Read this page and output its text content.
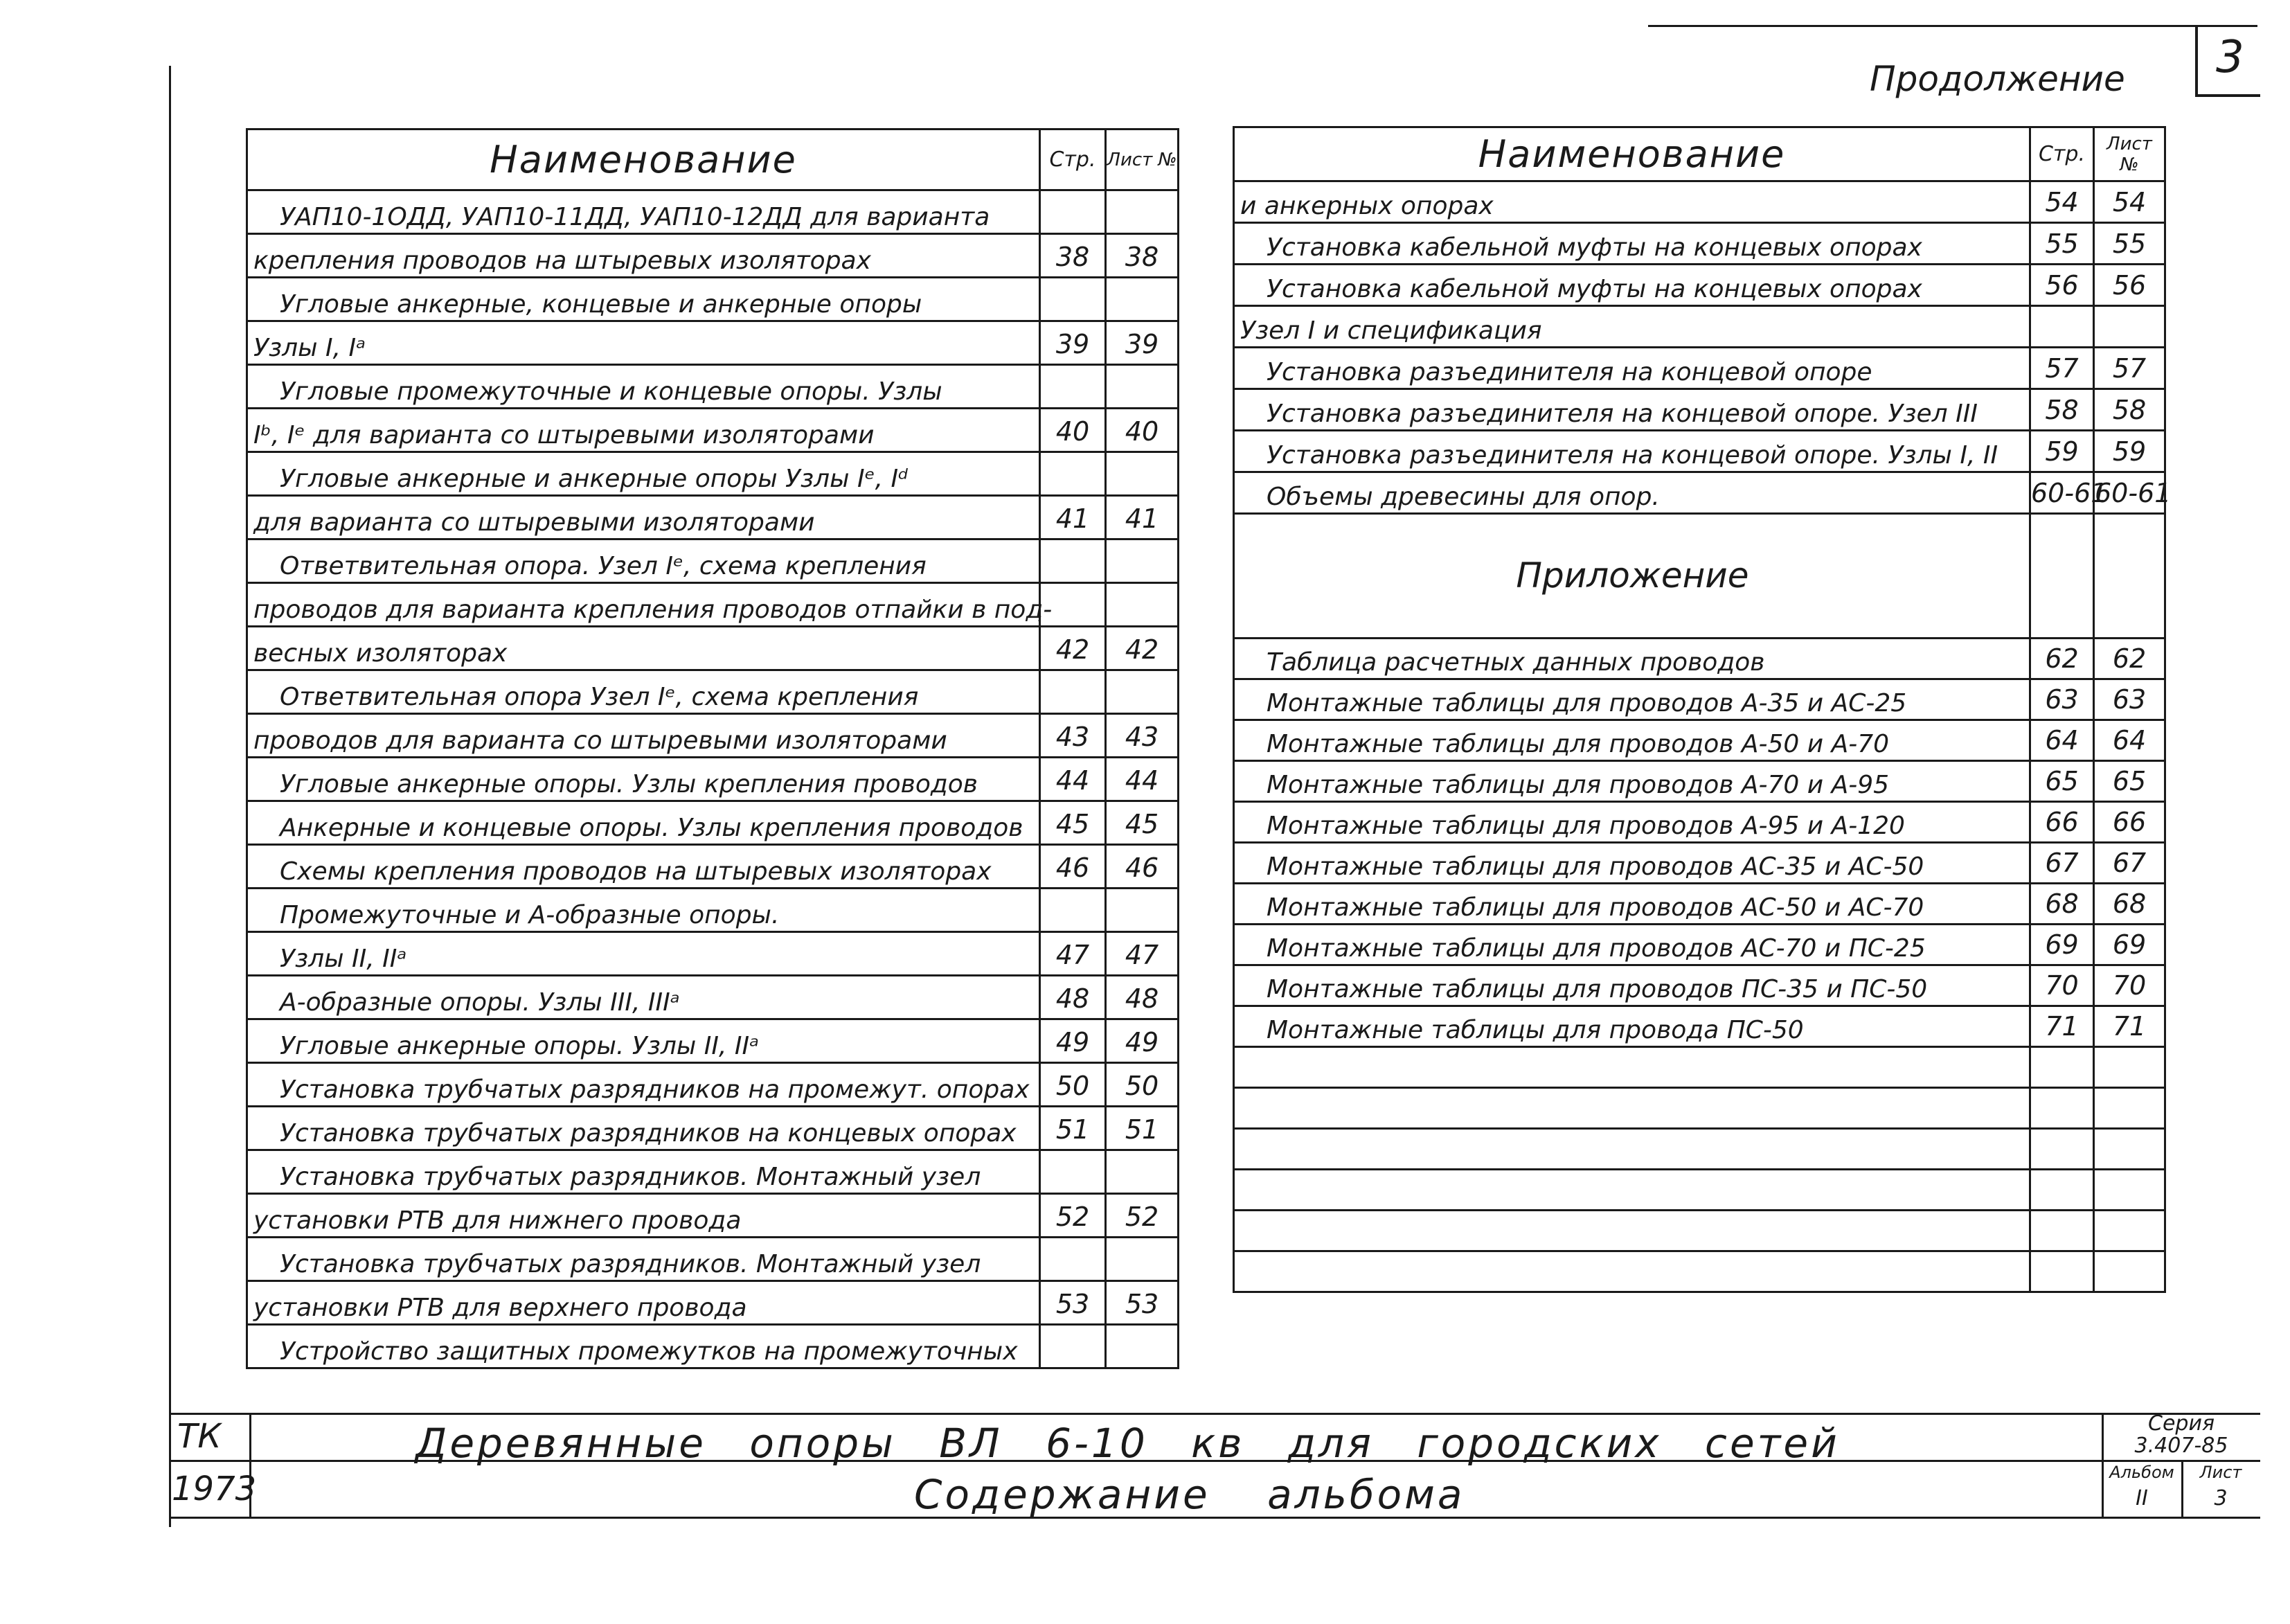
Продолжение 3
Наименование	Стр.	Лист №
УАП10-1ОДД, УАП10-11ДД, УАП10-12ДД для варианта		
крепления проводов на штыревых изоляторах	38	38
Угловые анкерные, концевые и анкерные опоры		
Узлы I, Iᵃ	39	39
Угловые промежуточные и концевые опоры. Узлы		
Iᵇ, Iᵉ для варианта со штыревыми изоляторами	40	40
Угловые анкерные и анкерные опоры Узлы Iᵉ, Iᵈ		
для варианта со штыревыми изоляторами	41	41
Ответвительная опора. Узел Iᵉ, схема крепления		
проводов для варианта крепления проводов отпайки в под-		
весных изоляторах	42	42
Ответвительная опора Узел Iᵉ, схема крепления		
проводов для варианта со штыревыми изоляторами	43	43
Угловые анкерные опоры. Узлы крепления проводов	44	44
Анкерные и концевые опоры. Узлы крепления проводов	45	45
Схемы крепления проводов на штыревых изоляторах	46	46
Промежуточные и А-образные опоры.		
Узлы II, IIᵃ	47	47
А-образные опоры. Узлы III, IIIᵃ	48	48
Угловые анкерные опоры. Узлы II, IIᵃ	49	49
Установка трубчатых разрядников на промежут. опорах	50	50
Установка трубчатых разрядников на концевых опорах	51	51
Установка трубчатых разрядников. Монтажный узел		
установки РТВ для нижнего провода	52	52
Установка трубчатых разрядников. Монтажный узел		
установки РТВ для верхнего провода	53	53
Устройство защитных промежутков на промежуточных		
Наименование	Стр.	Лист №
и анкерных опорах	54	54
Установка кабельной муфты на концевых опорах	55	55
Установка кабельной муфты на концевых опорах	56	56
Узел I и спецификация		
Установка разъединителя на концевой опоре	57	57
Установка разъединителя на концевой опоре. Узел III	58	58
Установка разъединителя на концевой опоре. Узлы I, II	59	59
Объемы древесины для опор.	60-61	60-61
Приложение		
Таблица расчетных данных проводов	62	62
Монтажные таблицы для проводов А-35 и АС-25	63	63
Монтажные таблицы для проводов А-50 и А-70	64	64
Монтажные таблицы для проводов А-70 и А-95	65	65
Монтажные таблицы для проводов А-95 и А-120	66	66
Монтажные таблицы для проводов АС-35 и АС-50	67	67
Монтажные таблицы для проводов АС-50 и АС-70	68	68
Монтажные таблицы для проводов АС-70 и ПС-25	69	69
Монтажные таблицы для проводов ПС-35 и ПС-50	70	70
Монтажные таблицы для провода ПС-50	71	71

ТК
1973
Деревянные опоры ВЛ 6-10 кв для городских сетей
Содержание альбома
Серия
3.407-85
Альбом	Лист
II	3
